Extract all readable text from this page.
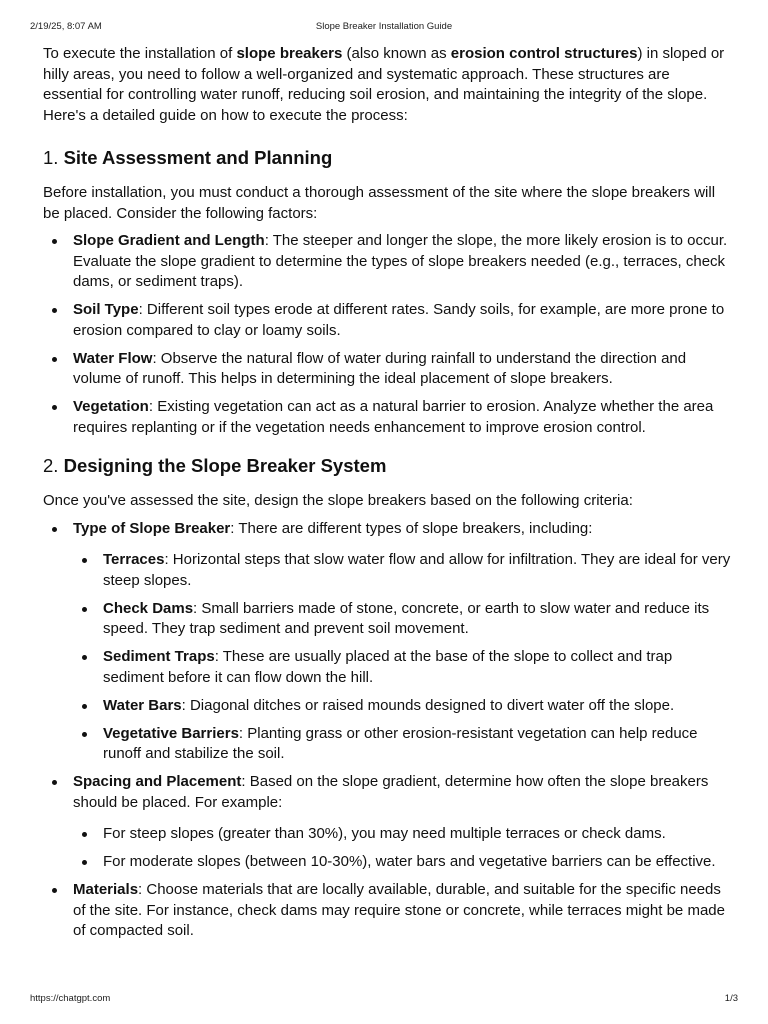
2/19/25, 8:07 AM	Slope Breaker Installation Guide

To execute the installation of slope breakers (also known as erosion control structures) in sloped or hilly areas, you need to follow a well-organized and systematic approach. These structures are essential for controlling water runoff, reducing soil erosion, and maintaining the integrity of the slope. Here's a detailed guide on how to execute the process:

1. Site Assessment and Planning

Before installation, you must conduct a thorough assessment of the site where the slope breakers will be placed. Consider the following factors:

Slope Gradient and Length: The steeper and longer the slope, the more likely erosion is to occur. Evaluate the slope gradient to determine the types of slope breakers needed (e.g., terraces, check dams, or sediment traps).
Soil Type: Different soil types erode at different rates. Sandy soils, for example, are more prone to erosion compared to clay or loamy soils.
Water Flow: Observe the natural flow of water during rainfall to understand the direction and volume of runoff. This helps in determining the ideal placement of slope breakers.
Vegetation: Existing vegetation can act as a natural barrier to erosion. Analyze whether the area requires replanting or if the vegetation needs enhancement to improve erosion control.
2. Designing the Slope Breaker System

Once you've assessed the site, design the slope breakers based on the following criteria:

Type of Slope Breaker: There are different types of slope breakers, including:
Terraces: Horizontal steps that slow water flow and allow for infiltration. They are ideal for very steep slopes.
Check Dams: Small barriers made of stone, concrete, or earth to slow water and reduce its speed. They trap sediment and prevent soil movement.
Sediment Traps: These are usually placed at the base of the slope to collect and trap sediment before it can flow down the hill.
Water Bars: Diagonal ditches or raised mounds designed to divert water off the slope.
Vegetative Barriers: Planting grass or other erosion-resistant vegetation can help reduce runoff and stabilize the soil.
Spacing and Placement: Based on the slope gradient, determine how often the slope breakers should be placed. For example:
For steep slopes (greater than 30%), you may need multiple terraces or check dams.
For moderate slopes (between 10-30%), water bars and vegetative barriers can be effective.
Materials: Choose materials that are locally available, durable, and suitable for the specific needs of the site. For instance, check dams may require stone or concrete, while terraces might be made of compacted soil.
https://chatgpt.com	1/3
